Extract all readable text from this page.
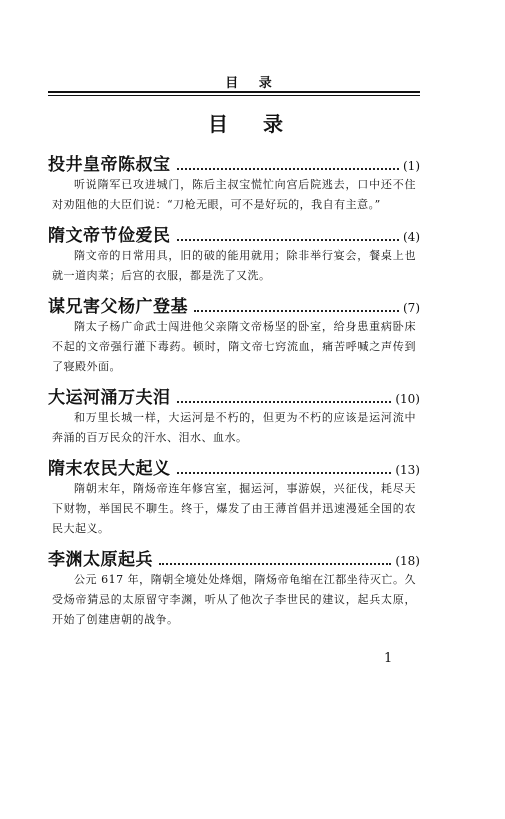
目 录
目 录
投井皇帝陈叔宝	(1)

听说隋军已攻进城门，陈后主叔宝慌忙向宫后院逃去，口中还不住对劝阻他的大臣们说：“刀枪无眼，可不是好玩的，我自有主意。”

隋文帝节俭爱民	(4)

隋文帝的日常用具，旧的破的能用就用；除非举行宴会，餐桌上也就一道肉菜；后宫的衣服，都是洗了又洗。

谋兄害父杨广登基	(7)

隋太子杨广命武士闯进他父亲隋文帝杨坚的卧室，给身患重病卧床不起的文帝强行灌下毒药。顿时，隋文帝七窍流血，痛苦呼喊之声传到了寝殿外面。

大运河涌万夫泪	(10)

和万里长城一样，大运河是不朽的，但更为不朽的应该是运河流中奔涌的百万民众的汗水、泪水、血水。

隋末农民大起义	(13)

隋朝末年，隋炀帝连年修宫室，掘运河，事游娱，兴征伐，耗尽天下财物，举国民不聊生。终于，爆发了由王薄首倡并迅速漫延全国的农民大起义。

李渊太原起兵	(18)

公元 617 年，隋朝全境处处烽烟，隋炀帝龟缩在江都坐待灭亡。久受炀帝猜忌的太原留守李渊，听从了他次子李世民的建议，起兵太原，开始了创建唐朝的战争。

1
